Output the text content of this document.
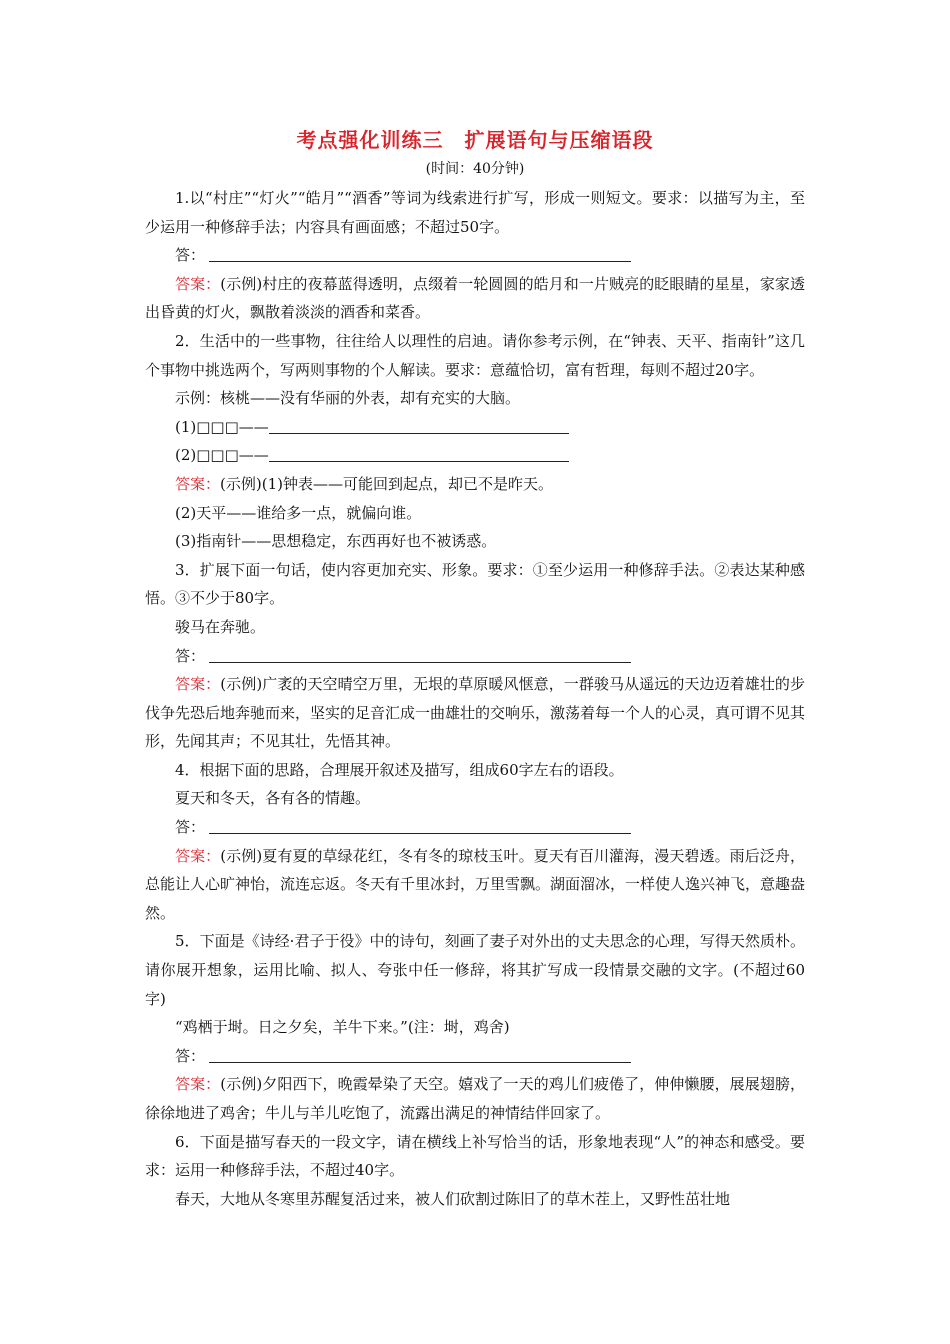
考点强化训练三　扩展语句与压缩语段
(时间：40分钟)

1.以“村庄”“灯火”“皓月”“酒香”等词为线索进行扩写，形成一则短文。要求：以描写为主，至少运用一种修辞手法；内容具有画面感；不超过50字。

答：

答案：(示例)村庄的夜幕蓝得透明，点缀着一轮圆圆的皓月和一片贼亮的眨眼睛的星星，家家透出昏黄的灯火，飘散着淡淡的酒香和菜香。

2．生活中的一些事物，往往给人以理性的启迪。请你参考示例，在“钟表、天平、指南针”这几个事物中挑选两个，写两则事物的个人解读。要求：意蕴恰切，富有哲理，每则不超过20字。

示例：核桃——没有华丽的外表，却有充实的大脑。

(1)□□□——

(2)□□□——

答案：(示例)(1)钟表——可能回到起点，却已不是昨天。

(2)天平——谁给多一点，就偏向谁。

(3)指南针——思想稳定，东西再好也不被诱惑。

3．扩展下面一句话，使内容更加充实、形象。要求：①至少运用一种修辞手法。②表达某种感悟。③不少于80字。

骏马在奔驰。

答：

答案：(示例)广袤的天空晴空万里，无垠的草原暖风惬意，一群骏马从遥远的天边迈着雄壮的步伐争先恐后地奔驰而来，坚实的足音汇成一曲雄壮的交响乐，激荡着每一个人的心灵，真可谓不见其形，先闻其声；不见其壮，先悟其神。

4．根据下面的思路，合理展开叙述及描写，组成60字左右的语段。

夏天和冬天，各有各的情趣。

答：

答案：(示例)夏有夏的草绿花红，冬有冬的琼枝玉叶。夏天有百川灌海，漫天碧透。雨后泛舟，总能让人心旷神怡，流连忘返。冬天有千里冰封，万里雪飘。湖面溜冰，一样使人逸兴神飞，意趣盎然。

5．下面是《诗经·君子于役》中的诗句，刻画了妻子对外出的丈夫思念的心理，写得天然质朴。请你展开想象，运用比喻、拟人、夸张中任一修辞，将其扩写成一段情景交融的文字。(不超过60字)

“鸡栖于埘。日之夕矣，羊牛下来。”(注：埘，鸡舍)

答：

答案：(示例)夕阳西下，晚霞晕染了天空。嬉戏了一天的鸡儿们疲倦了，伸伸懒腰，展展翅膀，徐徐地进了鸡舍；牛儿与羊儿吃饱了，流露出满足的神情结伴回家了。

6．下面是描写春天的一段文字，请在横线上补写恰当的话，形象地表现“人”的神态和感受。要求：运用一种修辞手法，不超过40字。

春天，大地从冬寒里苏醒复活过来，被人们砍割过陈旧了的草木茬上，又野性茁壮地
